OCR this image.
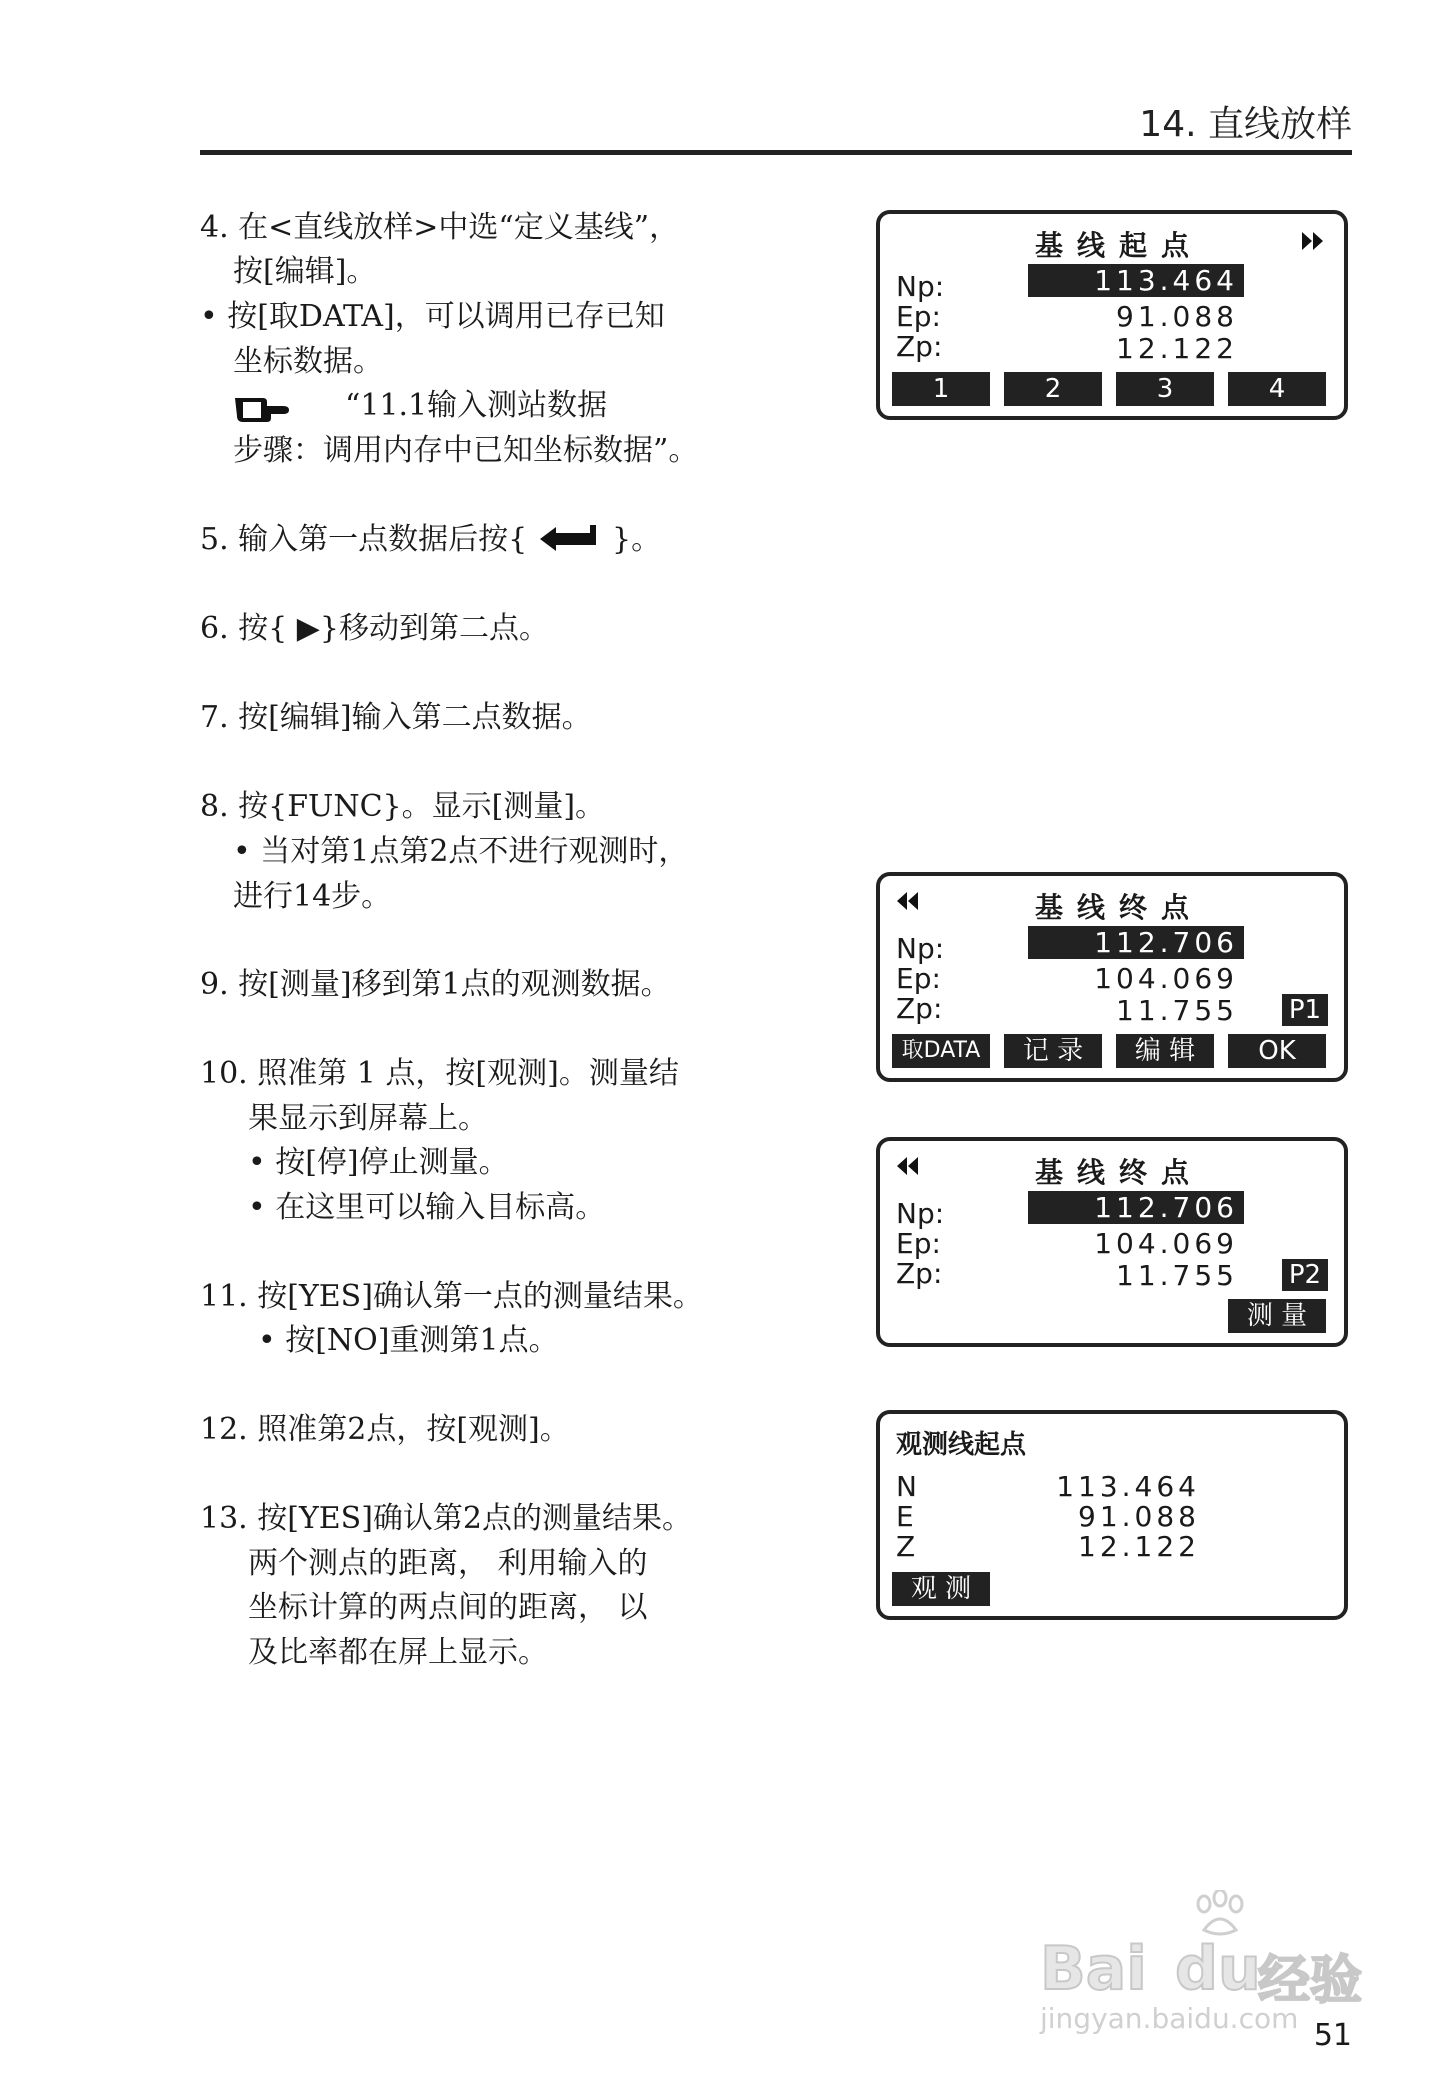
14. 直线放样
4. 在<直线放样>中选“定义基线”，
按[编辑]。
• 按[取DATA]，可以调用已存已知
坐标数据。
“11.1输入测站数据
步骤：调用内存中已知坐标数据”。
5. 输入第一点数据后按{	}。
6. 按{ ▶}移动到第二点。
7. 按[编辑]输入第二点数据。
8. 按{FUNC}。显示[测量]。
• 当对第1点第2点不进行观测时，
进行14步。
9. 按[测量]移到第1点的观测数据。
10. 照准第 1 点，按[观测]。测量结
果显示到屏幕上。
• 按[停]停止测量。
• 在这里可以输入目标高。
11. 按[YES]确认第一点的测量结果。
• 按[NO]重测第1点。
12. 照准第2点，按[观测]。
13. 按[YES]确认第2点的测量结果。
两个测点的距离， 利用输入的
坐标计算的两点间的距离， 以
及比率都在屏上显示。
基线起点
Np:	113.464
Ep:	91.088
Zp:	12.122
1	2	3	4
基线终点
Np:	112.706
Ep:	104.069
Zp:	11.755 P1
取DATA	记 录	编 辑	OK
基线终点
Np:	112.706
Ep:	104.069
Zp:	11.755 P2
测 量
观测线起点
N	113.464
E	91.088
Z	12.122
观 测
Bai du
经验
jingyan.baidu.com 51
